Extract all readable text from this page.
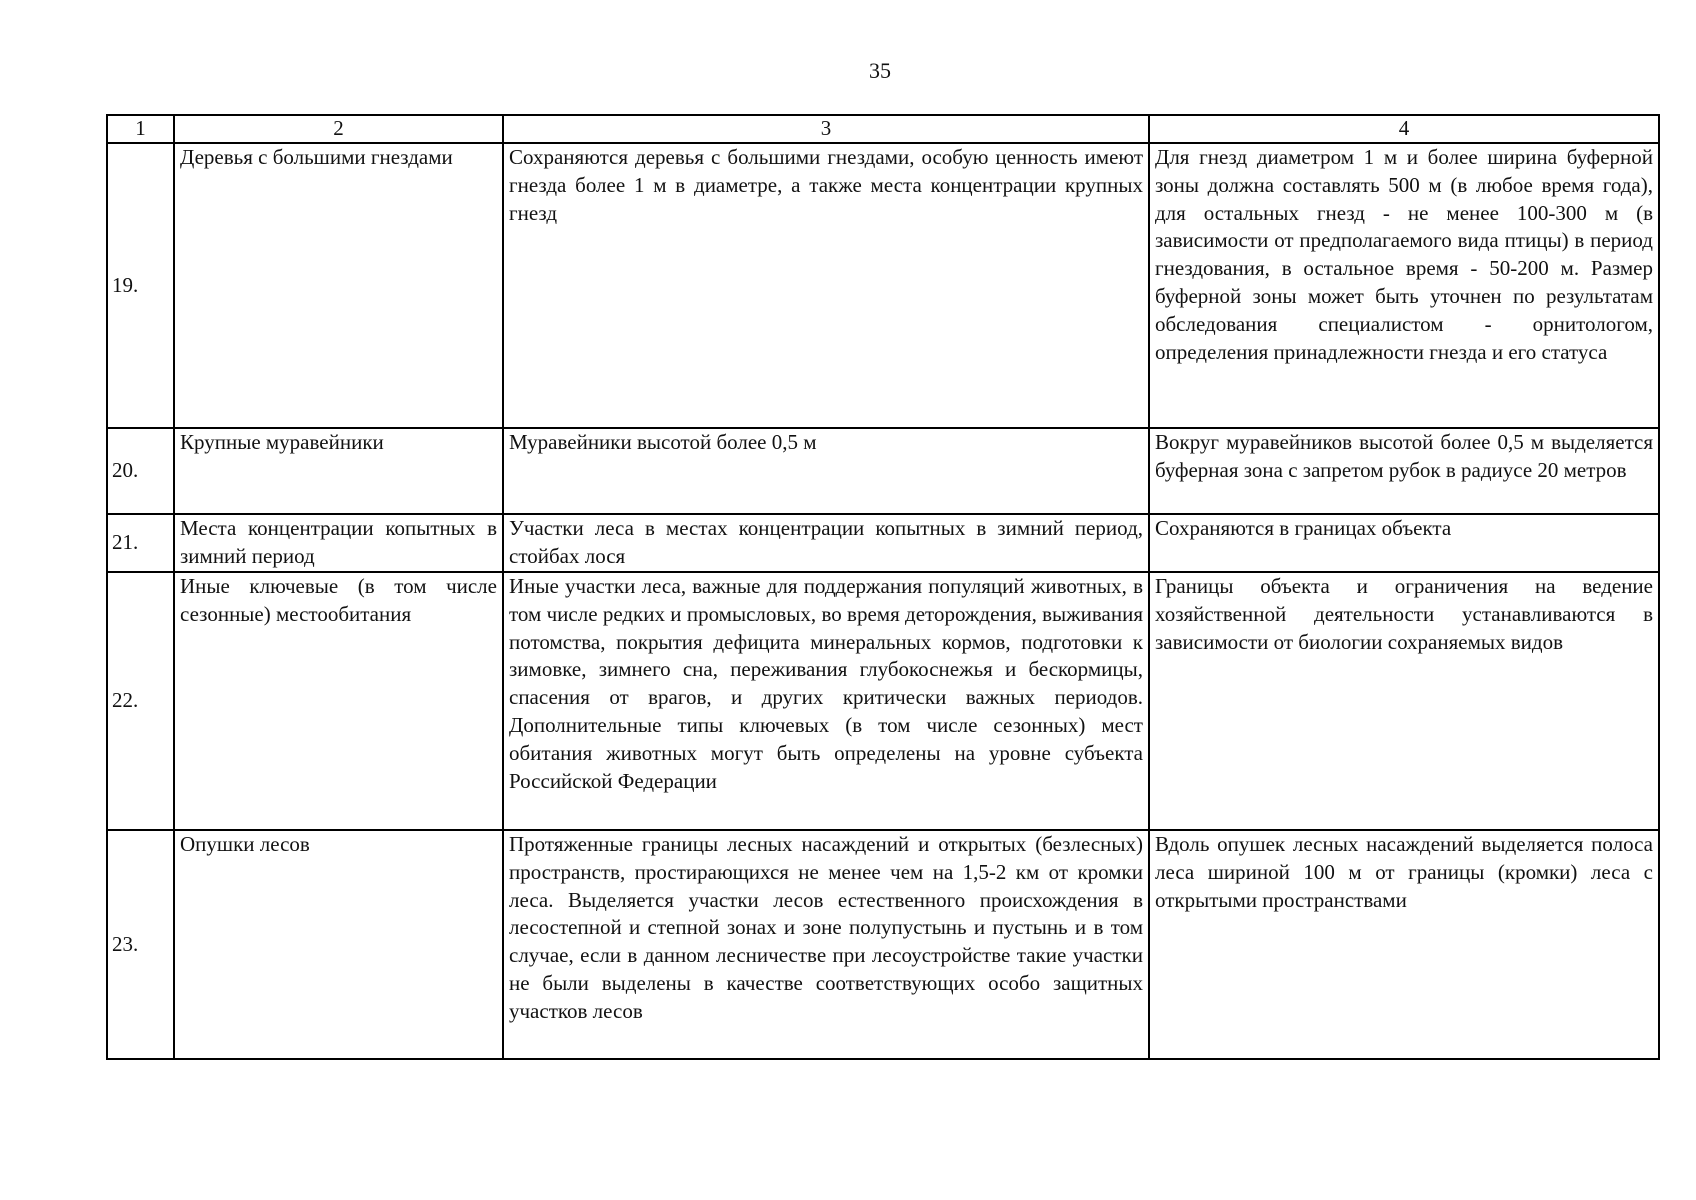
35
1	2	3	4
19.	Деревья с большими гнездами	Сохраняются деревья с большими гнездами, особую ценность имеют гнезда более 1 м в диаметре, а также места концентрации крупных гнезд	Для гнезд диаметром 1 м и более ширина буферной зоны должна составлять 500 м (в любое время года), для остальных гнезд - не менее 100-300 м (в зависимости от предполагаемого вида птицы) в период гнездования, в остальное время - 50-200 м. Размер буферной зоны может быть уточнен по результатам обследования специалистом - орнитологом, определения принадлежности гнезда и его статуса
20.	Крупные муравейники	Муравейники высотой более 0,5 м	Вокруг муравейников высотой более 0,5 м выделяется буферная зона с запретом рубок в радиусе 20 метров
21.	Места концентрации копытных в зимний период	Участки леса в местах концентрации копытных в зимний период, стойбах лося	Сохраняются в границах объекта
22.	Иные ключевые (в том числе сезонные) местообитания	Иные участки леса, важные для поддержания популяций животных, в том числе редких и промысловых, во время деторождения, выживания потомства, покрытия дефицита минеральных кормов, подготовки к зимовке, зимнего сна, переживания глубокоснежья и бескормицы, спасения от врагов, и других критически важных периодов. Дополнительные типы ключевых (в том числе сезонных) мест обитания животных могут быть определены на уровне субъекта Российской Федерации	Границы объекта и ограничения на ведение хозяйственной деятельности устанавливаются в зависимости от биологии сохраняемых видов
23.	Опушки лесов	Протяженные границы лесных насаждений и открытых (безлесных) пространств, простирающихся не менее чем на 1,5-2 км от кромки леса. Выделяется участки лесов естественного происхождения в лесостепной и степной зонах и зоне полупустынь и пустынь и в том случае, если в данном лесничестве при лесоустройстве такие участки не были выделены в качестве соответствующих особо защитных участков лесов	Вдоль опушек лесных насаждений выделяется полоса леса шириной 100 м от границы (кромки) леса с открытыми пространствами
